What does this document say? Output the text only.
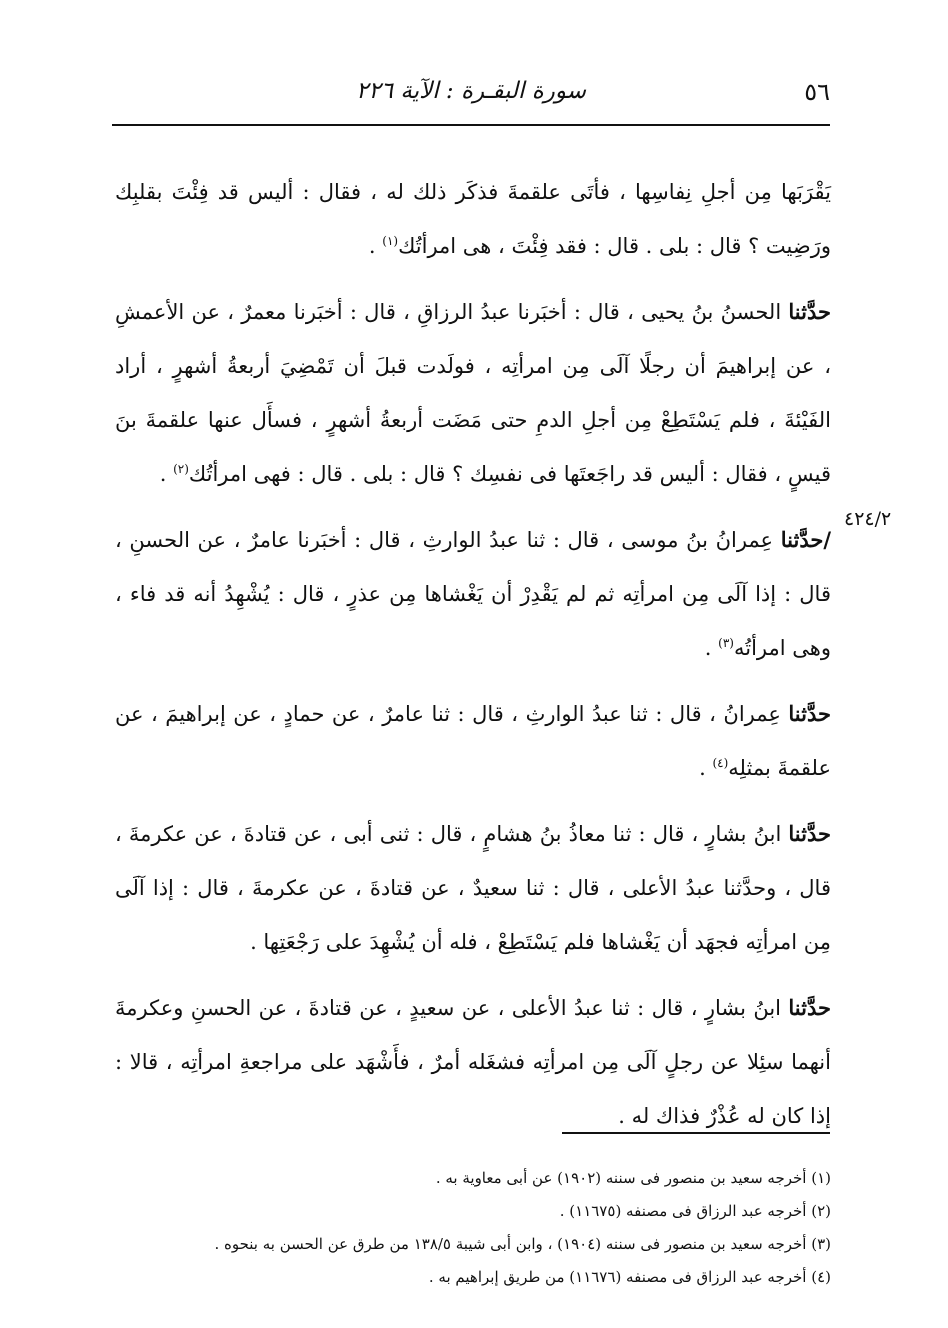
٥٦
سورة البقـرة : الآية ٢٢٦
٤٢٤/٢

يَقْرَبَها مِن أجلِ نِفاسِها ، فأتَى علقمةَ فذكَر ذلك له ، فقال : أليس قد فِئْتَ بقلبِك ورَضِيت ؟ قال : بلى . قال : فقد فِئْتَ ، هى امرأتُك$^{(١)}$ .

حدَّثنا الحسنُ بنُ يحيى ، قال : أخبَرنا عبدُ الرزاقِ ، قال : أخبَرنا معمرٌ ، عن الأعمشِ ، عن إبراهيمَ أن رجلًا آلَى مِن امرأتِه ، فولَدت قبلَ أن تَمْضِيَ أربعةُ أشهرٍ ، أراد الفَيْئةَ ، فلم يَسْتَطِعْ مِن أجلِ الدمِ حتى مَضَت أربعةُ أشهرٍ ، فسأَل عنها علقمةَ بنَ قيسٍ ، فقال : أليس قد راجَعتَها فى نفسِك ؟ قال : بلى . قال : فهى امرأتُك$^{(٢)}$ .

/حدَّثنا عِمرانُ بنُ موسى ، قال : ثنا عبدُ الوارثِ ، قال : أخبَرنا عامرٌ ، عن الحسنِ ، قال : إذا آلَى مِن امرأتِه ثم لم يَقْدِرْ أن يَغْشاها مِن عذرٍ ، قال : يُشْهِدُ أنه قد فاء ، وهى امرأتُه$^{(٣)}$ .

حدَّثنا عِمرانُ ، قال : ثنا عبدُ الوارثِ ، قال : ثنا عامرٌ ، عن حمادٍ ، عن إبراهيمَ ، عن علقمةَ بمثلِه$^{(٤)}$ .

حدَّثنا ابنُ بشارٍ ، قال : ثنا معاذُ بنُ هشامٍ ، قال : ثنى أبى ، عن قتادةَ ، عن عكرمةَ ، قال ، وحدَّثنا عبدُ الأعلى ، قال : ثنا سعيدٌ ، عن قتادةَ ، عن عكرمةَ ، قال : إذا آلَى مِن امرأتِه فجهَد أن يَغْشاها فلم يَسْتَطِعْ ، فله أن يُشْهِدَ على رَجْعَتِها .

حدَّثنا ابنُ بشارٍ ، قال : ثنا عبدُ الأعلى ، عن سعيدٍ ، عن قتادةَ ، عن الحسنِ وعكرمةَ أنهما سئِلا عن رجلٍ آلَى مِن امرأتِه فشغَله أمرٌ ، فأَشْهَد على مراجعةِ امرأتِه ، قالا : إذا كان له عُذْرٌ فذاك له .

(١) أخرجه سعيد بن منصور فى سننه (١٩٠٢) عن أبى معاوية به .
(٢) أخرجه عبد الرزاق فى مصنفه (١١٦٧٥) .
(٣) أخرجه سعيد بن منصور فى سننه (١٩٠٤) ، وابن أبى شيبة ١٣٨/٥ من طرق عن الحسن به بنحوه .
(٤) أخرجه عبد الرزاق فى مصنفه (١١٦٧٦) من طريق إبراهيم به .
